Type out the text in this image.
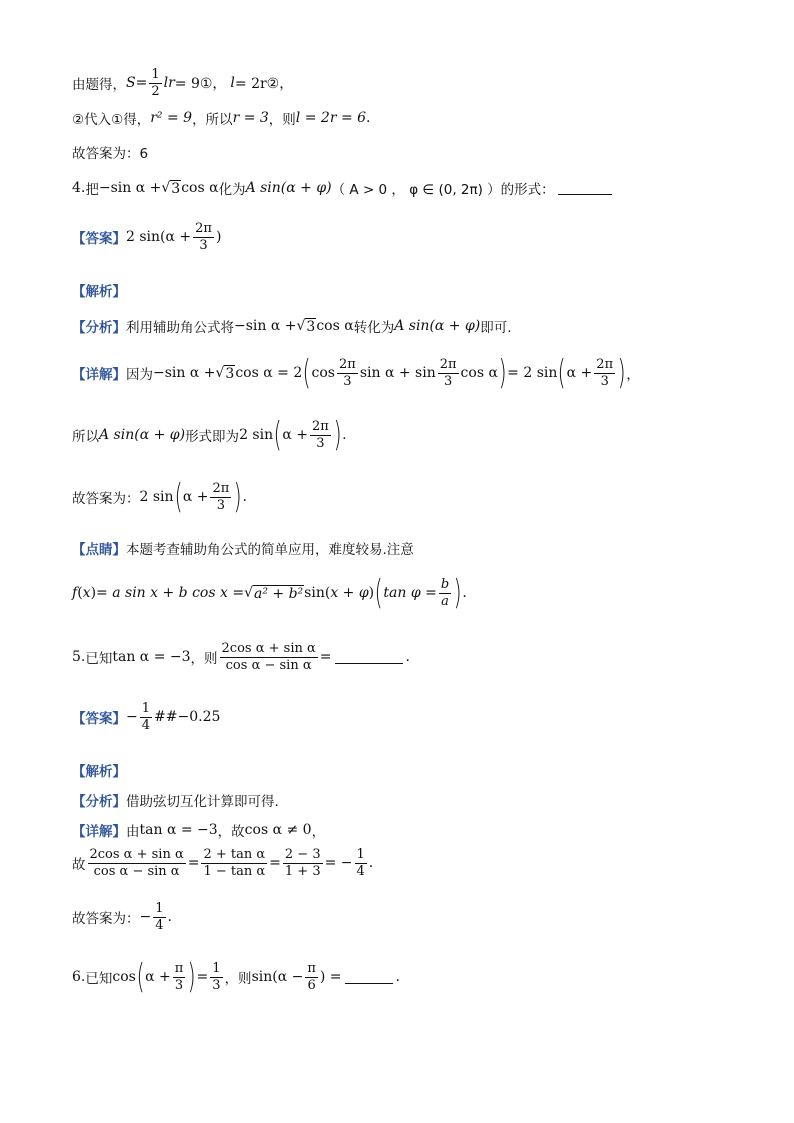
由题得， $S = \frac{1}{2}$ lr = 9①， l = 2r②，
②代入①得， r² = 9 ，所以 r = 3 ，则 l = 2r = 6 .
故答案为：6
4. 把 −sin α + √ 3 cos α 化为 A sin(α + φ) （ A > 0 ， φ ∈ (0, 2π) ）的形式：
【答案】 2 $\sin(\alpha + \frac{2\pi}{3}$ )
【解析】
【分析】 利用辅助角公式将 −sin α + √ 3 cos α 转化为 A sin(α + φ) 即可.
【详解】 因为 −sin α + √ 3 cos α = 2 ( $\cos \frac{2\pi}{3}$ $\sin \alpha + \sin \frac{2\pi}{3}$ cos α ) = 2 sin ( $\alpha + \frac{2\pi}{3}$ ) ，
所以 A sin(α + φ) 形式即为 2 sin ( $\alpha + \frac{2\pi}{3}$ ) .
故答案为： 2 sin ( $\alpha + \frac{2\pi}{3}$ ) .
【点睛】 本题考查辅助角公式的简单应用，难度较易.注意
f ( x ) = a sin x + b cos x = √ a² + b² sin ( x + φ ) ( $\tan \varphi = \frac{b}{a}$ ) .
5. 已知 tan α = −3 ，则 $\frac{\text{2cos α + sin α}}{\text{cos α − sin α}}$ =	.
【答案】 − $\frac{1}{4}$ ##−0.25
【解析】
【分析】 借助弦切互化计算即可得.
【详解】 由 tan α = −3 ，故 cos α ≠ 0 ，
故 $\frac{\text{2cos α + sin α}}{\text{cos α − sin α}} = \frac{\text{2 + tan α}}{\text{1 − tan α}} = \frac{2 - 3}{1 + 3}$ = − $\frac{1}{4}$ .
故答案为： − $\frac{1}{4}$ .
6. 已知 cos ( $\alpha + \frac{\pi}{3}$ ) = $\frac{1}{3}$ ，则 $\sin(\alpha - \frac{\pi}{6}$ ) =	.
